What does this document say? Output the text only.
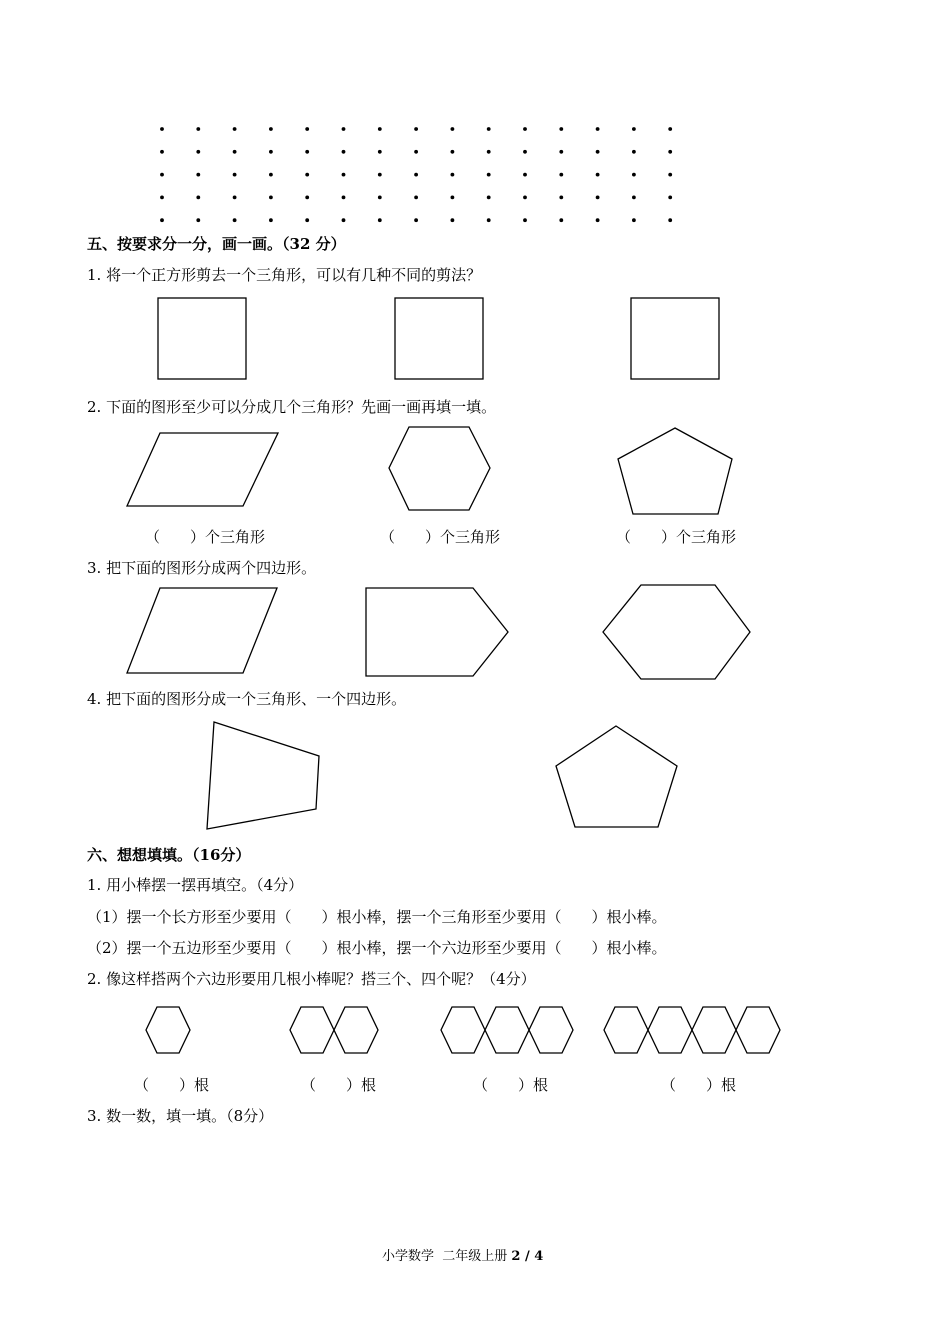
五、按要求分一分，画一画。（32 分）
1. 将一个正方形剪去一个三角形，可以有几种不同的剪法？
2. 下面的图形至少可以分成几个三角形？先画一画再填一填。
（　　）个三角形	（　　）个三角形	（　　）个三角形
3. 把下面的图形分成两个四边形。
4. 把下面的图形分成一个三角形、一个四边形。
六、想想填填。（16分）
1. 用小棒摆一摆再填空。（4分）
（1）摆一个长方形至少要用（　　）根小棒，摆一个三角形至少要用（　　）根小棒。
（2）摆一个五边形至少要用（　　）根小棒，摆一个六边形至少要用（　　）根小棒。
2. 像这样搭两个六边形要用几根小棒呢？搭三个、四个呢？（4分）
（　　）根	（　　）根	（　　）根	（　　）根
3. 数一数，填一填。（8分）
小学数学  二年级上册 2 / 4
